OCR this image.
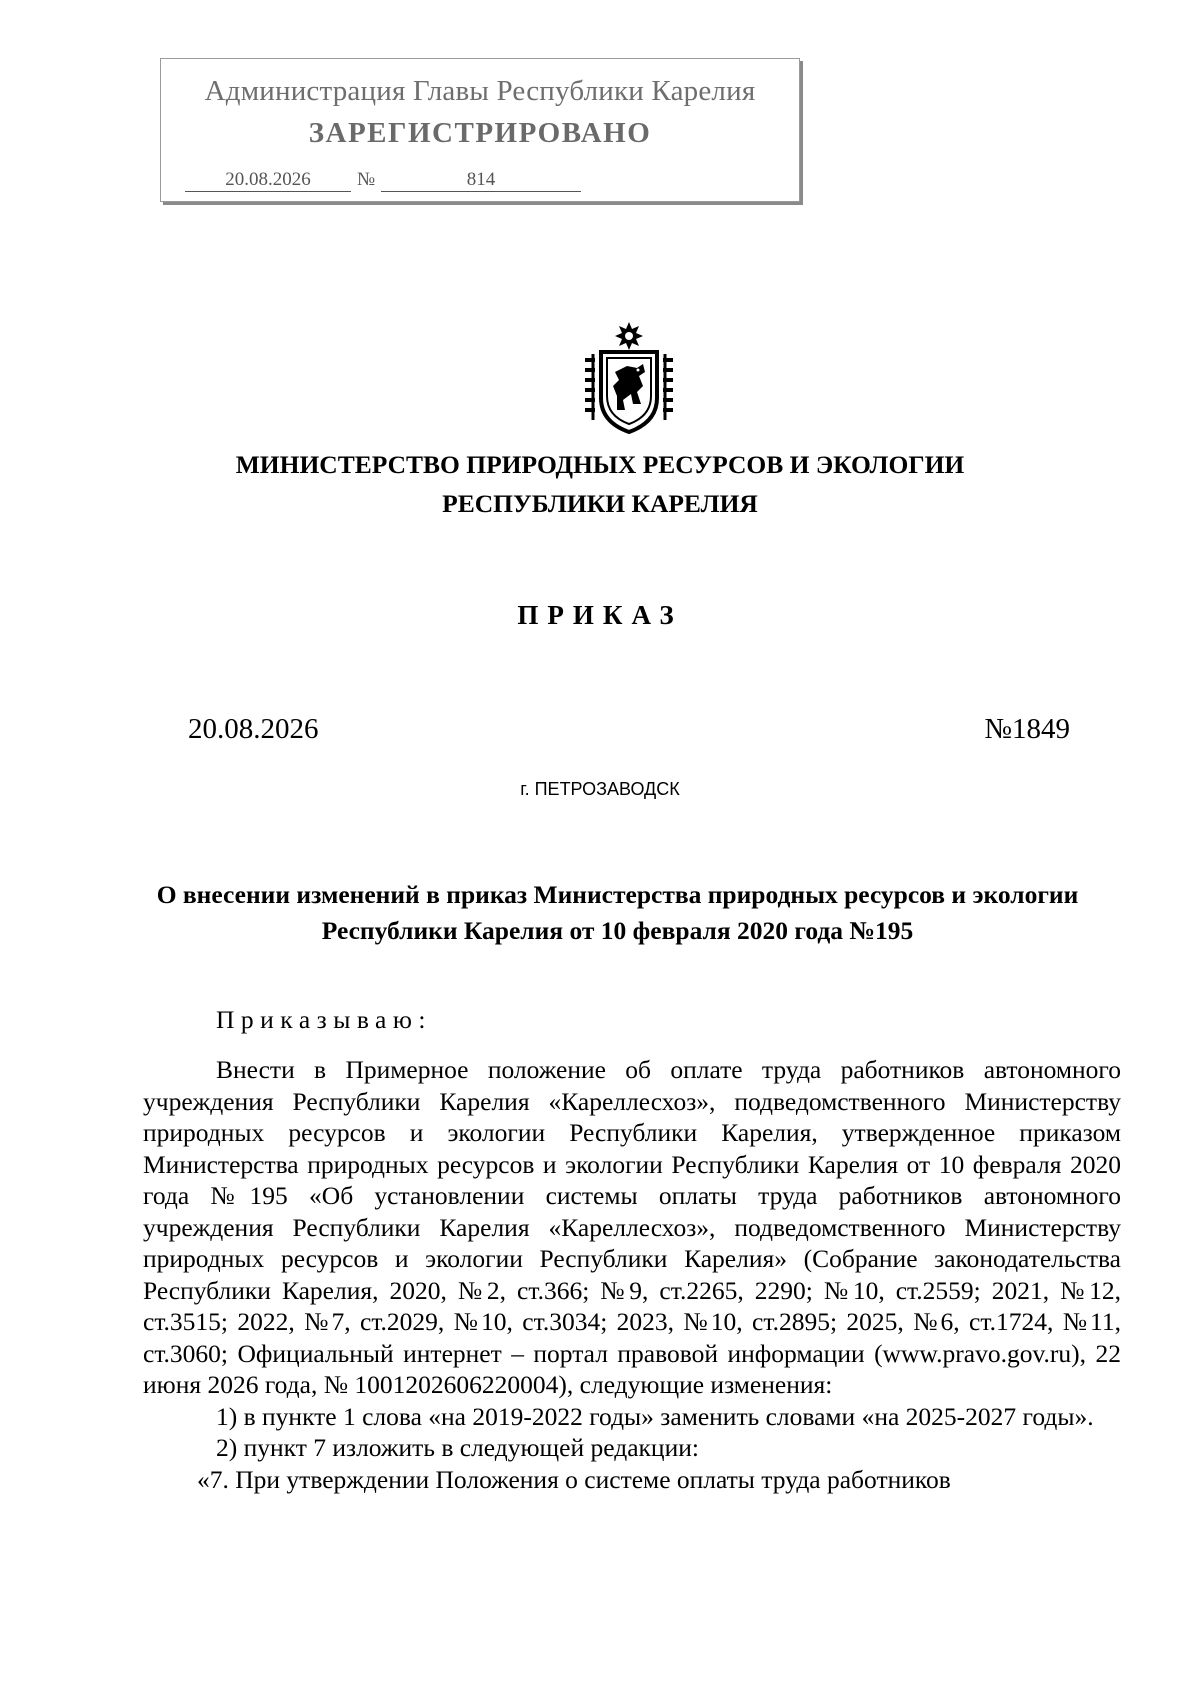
Администрация Главы Республики Карелия
ЗАРЕГИСТРИРОВАНО
20.08.2026	№	814
МИНИСТЕРСТВО ПРИРОДНЫХ РЕСУРСОВ И ЭКОЛОГИИ
РЕСПУБЛИКИ КАРЕЛИЯ
ПРИКАЗ
20.08.2026	№1849
г. ПЕТРОЗАВОДСК
О внесении изменений в приказ Министерства природных ресурсов и экологии Республики Карелия от 10 февраля 2020 года №195
Приказываю:

Внести в Примерное положение об оплате труда работников автономного учреждения Республики Карелия «Кареллесхоз», подведомственного Министерству природных ресурсов и экологии Республики Карелия, утвержденное приказом Министерства природных ресурсов и экологии Республики Карелия от 10 февраля 2020 года №195 «Об установлении системы оплаты труда работников автономного учреждения Республики Карелия «Кареллесхоз», подведомственного Министерству природных ресурсов и экологии Республики Карелия» (Собрание законодательства Республики Карелия, 2020, №2, ст.366; №9, ст.2265, 2290; №10, ст.2559; 2021, №12, ст.3515; 2022, №7, ст.2029, №10, ст.3034; 2023, №10, ст.2895; 2025, №6, ст.1724, №11, ст.3060; Официальный интернет – портал правовой информации (www.pravo.gov.ru), 22 июня 2026 года, № 1001202606220004), следующие изменения:

1) в пункте 1 слова «на 2019-2022 годы» заменить словами «на 2025-2027 годы».

2) пункт 7 изложить в следующей редакции:

«7. При утверждении Положения о системе оплаты труда работников
